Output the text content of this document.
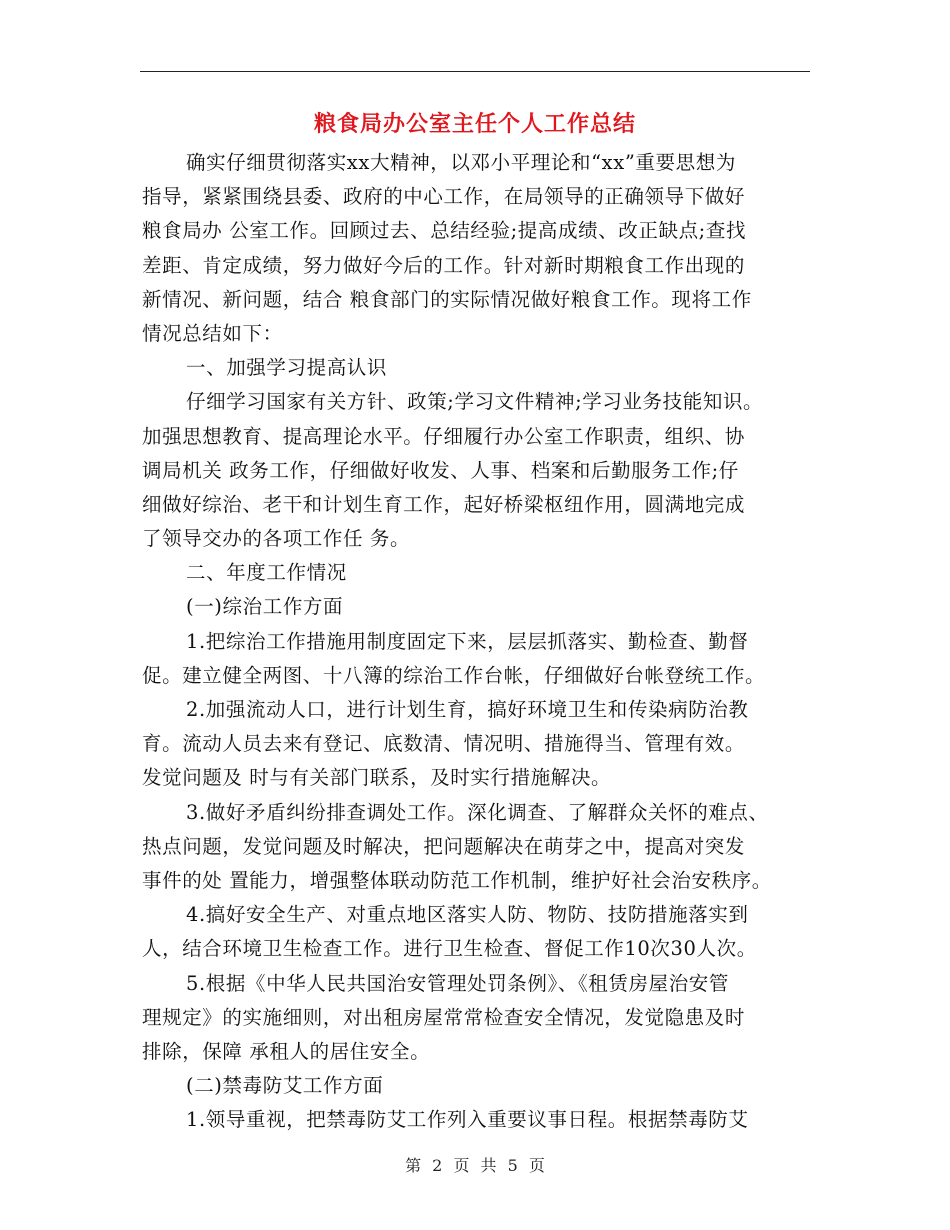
粮食局办公室主任个人工作总结
确实仔细贯彻落实xx大精神，以邓小平理论和“xx”重要思想为
指导，紧紧围绕县委、政府的中心工作，在局领导的正确领导下做好
粮食局办 公室工作。回顾过去、总结经验;提高成绩、改正缺点;查找
差距、肯定成绩，努力做好今后的工作。针对新时期粮食工作出现的
新情况、新问题，结合 粮食部门的实际情况做好粮食工作。现将工作
情况总结如下：
一、加强学习提高认识
仔细学习国家有关方针、政策;学习文件精神;学习业务技能知识。
加强思想教育、提高理论水平。仔细履行办公室工作职责，组织、协
调局机关 政务工作，仔细做好收发、人事、档案和后勤服务工作;仔
细做好综治、老干和计划生育工作，起好桥梁枢纽作用，圆满地完成
了领导交办的各项工作任 务。
二、年度工作情况
(一)综治工作方面
1.把综治工作措施用制度固定下来，层层抓落实、勤检查、勤督
促。建立健全两图、十八簿的综治工作台帐，仔细做好台帐登统工作。
2.加强流动人口，进行计划生育，搞好环境卫生和传染病防治教
育。流动人员去来有登记、底数清、情况明、措施得当、管理有效。
发觉问题及 时与有关部门联系，及时实行措施解决。
3.做好矛盾纠纷排查调处工作。深化调查、了解群众关怀的难点、
热点问题，发觉问题及时解决，把问题解决在萌芽之中，提高对突发
事件的处 置能力，增强整体联动防范工作机制，维护好社会治安秩序。
4.搞好安全生产、对重点地区落实人防、物防、技防措施落实到
人，结合环境卫生检查工作。进行卫生检查、督促工作10次30人次。
5.根据《中华人民共国治安管理处罚条例》、《租赁房屋治安管
理规定》的实施细则，对出租房屋常常检查安全情况，发觉隐患及时
排除，保障 承租人的居住安全。
(二)禁毒防艾工作方面
1.领导重视，把禁毒防艾工作列入重要议事日程。根据禁毒防艾
第 2 页 共 5 页
